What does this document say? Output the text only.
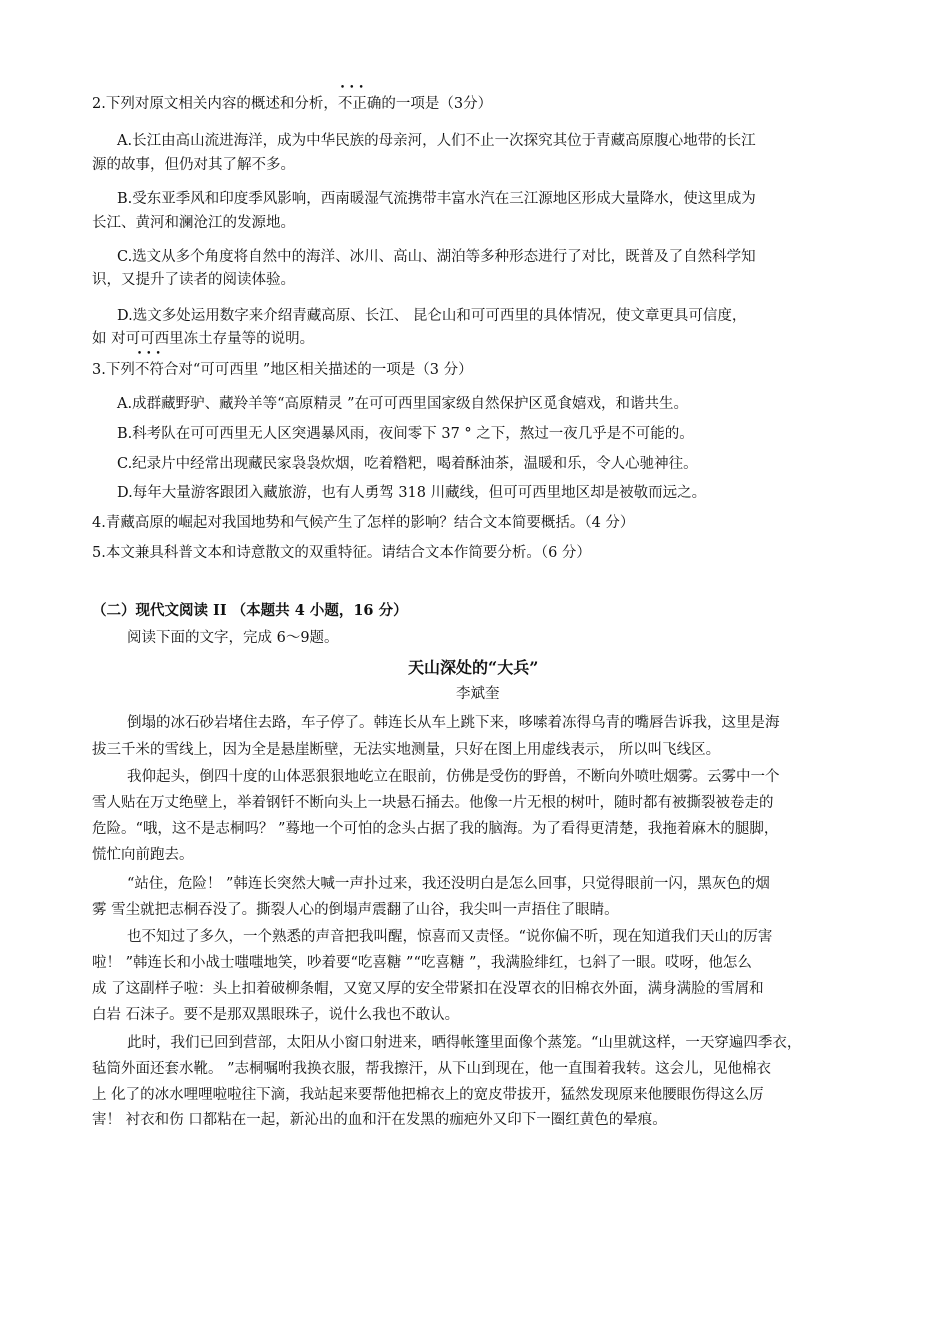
2.下列对原文相关内容的概述和分析，••• 不正确的一项是（3分）
A.长江由高山流进海洋，成为中华民族的母亲河，人们不止一次探究其位于青藏高原腹心地带的长江
源的故事，但仍对其了解不多。
B.受东亚季风和印度季风影响，西南暖湿气流携带丰富水汽在三江源地区形成大量降水，使这里成为
长江、黄河和澜沧江的发源地。
C.选文从多个角度将自然中的海洋、冰川、高山、湖泊等多种形态进行了对比，既普及了自然科学知
识，又提升了读者的阅读体验。
D.选文多处运用数字来介绍青藏高原、长江、 昆仑山和可可西里的具体情况，使文章更具可信度，
如 对可可西里冻土存量等的说明。
3.下列••• 不符合对“可可西里 ”地区相关描述的一项是（3 分）
A.成群藏野驴、藏羚羊等“高原精灵 ”在可可西里国家级自然保护区觅食嬉戏，和谐共生。
B.科考队在可可西里无人区突遇暴风雨，夜间零下 37 ° 之下，熬过一夜几乎是不可能的。
C.纪录片中经常出现藏民家袅袅炊烟，吃着糌粑，喝着酥油茶，温暖和乐，令人心驰神往。
D.每年大量游客跟团入藏旅游，也有人勇驾 318 川藏线，但可可西里地区却是被敬而远之。
4.青藏高原的崛起对我国地势和气候产生了怎样的影响？结合文本简要概括。（4 分）
5.本文兼具科普文本和诗意散文的双重特征。请结合文本作简要分析。（6 分）
（二）现代文阅读 II （本题共 4 小题，16 分）
阅读下面的文字，完成 6～9题。
天山深处的“大兵”
李斌奎
倒塌的冰石砂岩堵住去路，车子停了。韩连长从车上跳下来，哆嗦着冻得乌青的嘴唇告诉我，这里是海
拔三千米的雪线上，因为全是悬崖断壁，无法实地测量，只好在图上用虚线表示， 所以叫飞线区。
我仰起头，倒四十度的山体恶狠狠地屹立在眼前，仿佛是受伤的野兽，不断向外喷吐烟雾。云雾中一个
雪人贴在万丈绝壁上，举着钢钎不断向头上一块悬石捅去。他像一片无根的树叶，随时都有被撕裂被卷走的
危险。“哦，这不是志桐吗？ ”蓦地一个可怕的念头占据了我的脑海。为了看得更清楚，我拖着麻木的腿脚，
慌忙向前跑去。
“站住，危险！ ”韩连长突然大喊一声扑过来，我还没明白是怎么回事，只觉得眼前一闪，黑灰色的烟
雾 雪尘就把志桐吞没了。撕裂人心的倒塌声震翻了山谷，我尖叫一声捂住了眼睛。
也不知过了多久，一个熟悉的声音把我叫醒，惊喜而又责怪。“说你偏不听，现在知道我们天山的厉害
啦！ ”韩连长和小战士嗤嗤地笑，吵着要“吃喜糖 ”“吃喜糖 ”，我满脸绯红，乜斜了一眼。哎呀，他怎么
成 了这副样子啦：头上扣着破柳条帽，又宽又厚的安全带紧扣在没罩衣的旧棉衣外面，满身满脸的雪屑和
白岩 石沫子。要不是那双黑眼珠子，说什么我也不敢认。
此时，我们已回到营部，太阳从小窗口射进来，晒得帐篷里面像个蒸笼。“山里就这样，一天穿遍四季衣，
毡筒外面还套水靴。 ”志桐嘱咐我换衣服，帮我擦汗，从下山到现在，他一直围着我转。这会儿，见他棉衣
上 化了的冰水哩哩啦啦往下滴，我站起来要帮他把棉衣上的宽皮带拔开，猛然发现原来他腰眼伤得这么厉
害！ 衬衣和伤 口都粘在一起，新沁出的血和汗在发黑的痂疤外又印下一圈红黄色的晕痕。
